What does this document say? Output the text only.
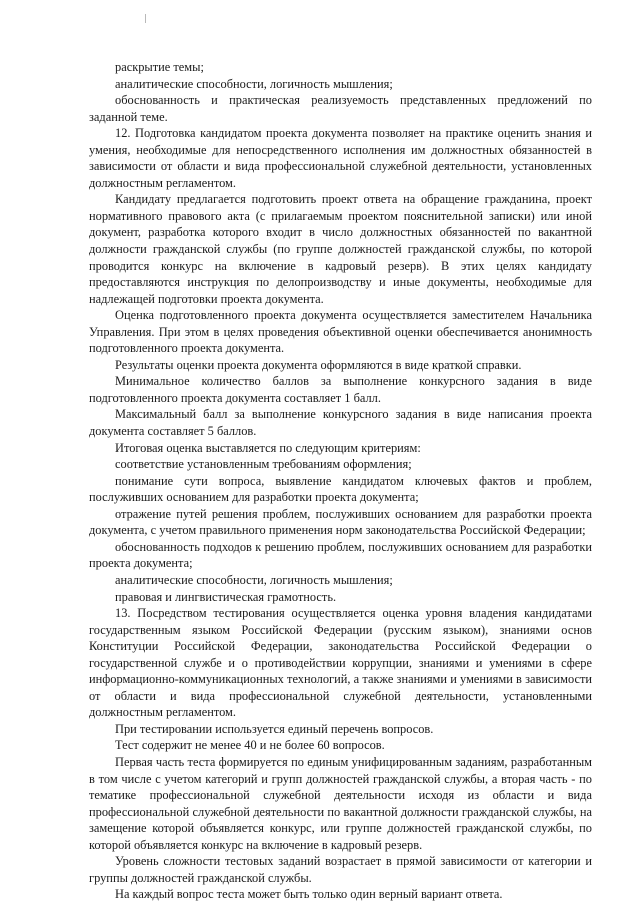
раскрытие темы;

аналитические способности, логичность мышления;

обоснованность и практическая реализуемость представленных предложений по заданной теме.

12. Подготовка кандидатом проекта документа позволяет на практике оценить знания и умения, необходимые для непосредственного исполнения им должностных обязанностей в зависимости от области и вида профессиональной служебной деятельности, установленных должностным регламентом.

Кандидату предлагается подготовить проект ответа на обращение гражданина, проект нормативного правового акта (с прилагаемым проектом пояснительной записки) или иной документ, разработка которого входит в число должностных обязанностей по вакантной должности гражданской службы (по группе должностей гражданской службы, по которой проводится конкурс на включение в кадровый резерв). В этих целях кандидату предоставляются инструкция по делопроизводству и иные документы, необходимые для надлежащей подготовки проекта документа.

Оценка подготовленного проекта документа осуществляется заместителем Начальника Управления. При этом в целях проведения объективной оценки обеспечивается анонимность подготовленного проекта документа.

Результаты оценки проекта документа оформляются в виде краткой справки.

Минимальное количество баллов за выполнение конкурсного задания в виде подготовленного проекта документа составляет 1 балл.

Максимальный балл за выполнение конкурсного задания в виде написания проекта документа составляет 5 баллов.

Итоговая оценка выставляется по следующим критериям:

соответствие установленным требованиям оформления;

понимание сути вопроса, выявление кандидатом ключевых фактов и проблем, послуживших основанием для разработки проекта документа;

отражение путей решения проблем, послуживших основанием для разработки проекта документа, с учетом правильного применения норм законодательства Российской Федерации;

обоснованность подходов к решению проблем, послуживших основанием для разработки проекта документа;

аналитические способности, логичность мышления;

правовая и лингвистическая грамотность.

13. Посредством тестирования осуществляется оценка уровня владения кандидатами государственным языком Российской Федерации (русским языком), знаниями основ Конституции Российской Федерации, законодательства Российской Федерации о государственной службе и о противодействии коррупции, знаниями и умениями в сфере информационно-коммуникационных технологий, а также знаниями и умениями в зависимости от области и вида профессиональной служебной деятельности, установленными должностным регламентом.

При тестировании используется единый перечень вопросов.

Тест содержит не менее 40 и не более 60 вопросов.

Первая часть теста формируется по единым унифицированным заданиям, разработанным в том числе с учетом категорий и групп должностей гражданской службы, а вторая часть - по тематике профессиональной служебной деятельности исходя из области и вида профессиональной служебной деятельности по вакантной должности гражданской службы, на замещение которой объявляется конкурс, или группе должностей гражданской службы, по которой объявляется конкурс на включение в кадровый резерв.

Уровень сложности тестовых заданий возрастает в прямой зависимости от категории и группы должностей гражданской службы.

На каждый вопрос теста может быть только один верный вариант ответа.
